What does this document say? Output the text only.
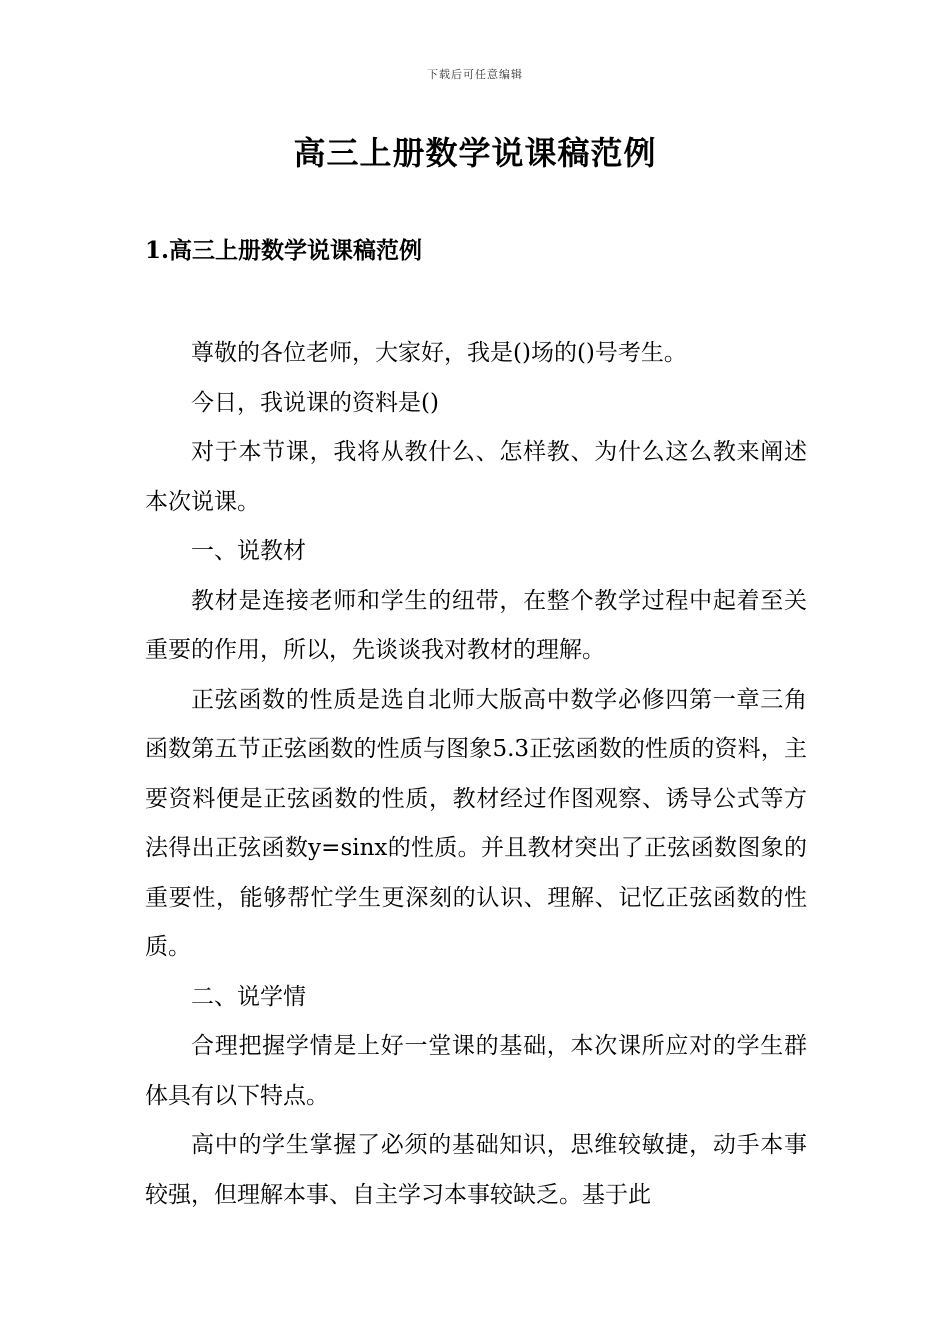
下载后可任意编辑
高三上册数学说课稿范例
1.高三上册数学说课稿范例

尊敬的各位老师，大家好，我是()场的()号考生。

今日，我说课的资料是()

对于本节课，我将从教什么、怎样教、为什么这么教来阐述本次说课。

一、说教材

教材是连接老师和学生的纽带，在整个教学过程中起着至关重要的作用，所以，先谈谈我对教材的理解。

正弦函数的性质是选自北师大版高中数学必修四第一章三角函数第五节正弦函数的性质与图象5.3正弦函数的性质的资料，主要资料便是正弦函数的性质，教材经过作图观察、诱导公式等方法得出正弦函数y=sinx的性质。并且教材突出了正弦函数图象的重要性，能够帮忙学生更深刻的认识、理解、记忆正弦函数的性质。

二、说学情

合理把握学情是上好一堂课的基础，本次课所应对的学生群体具有以下特点。

高中的学生掌握了必须的基础知识，思维较敏捷，动手本事较强，但理解本事、自主学习本事较缺乏。基于此
